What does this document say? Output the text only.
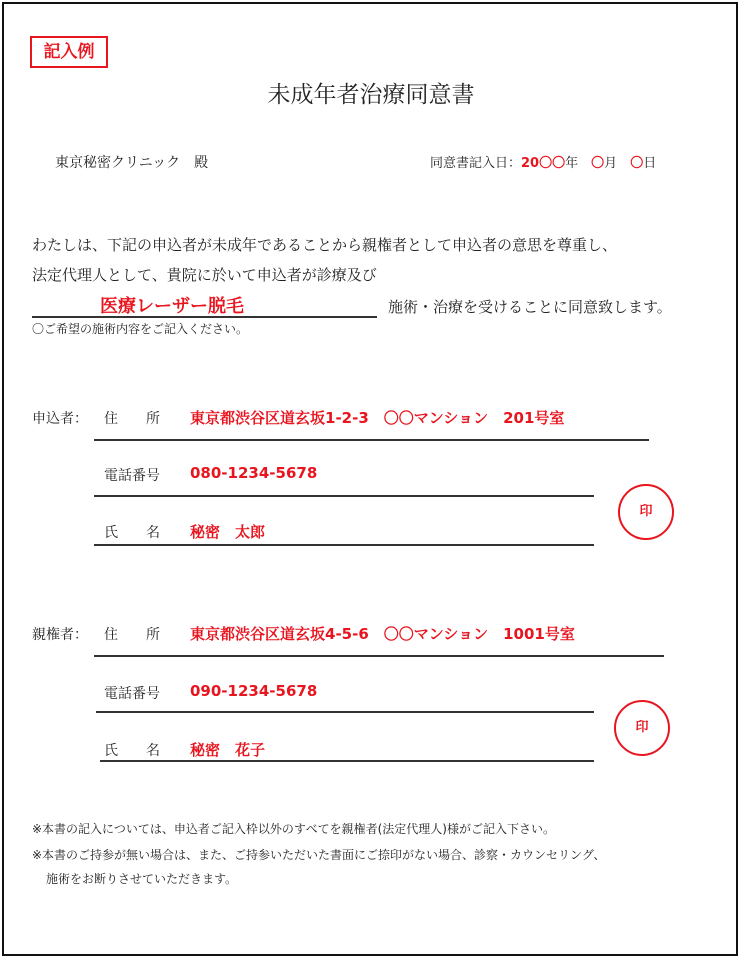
記入例
未成年者治療同意書
東京秘密クリニック　殿	同意書記入日：20〇〇年　 〇月　 〇日
わたしは、下記の申込者が未成年であることから親権者として申込者の意思を尊重し、
法定代理人として、貴院に於いて申込者が診療及び
医療レーザー脱毛	施術・治療を受けることに同意致します。
〇ご希望の施術内容をご記入ください。
申込者： 住　　所 東京都渋谷区道玄坂1-2-3　〇〇マンション　201号室
電話番号 080-1234-5678
氏　　名 秘密　太郎
印
親権者： 住　　所 東京都渋谷区道玄坂4-5-6　〇〇マンション　1001号室
電話番号 090-1234-5678
氏　　名 秘密　花子
印
※本書の記入については、申込者ご記入枠以外のすべてを親権者(法定代理人)様がご記入下さい。
※本書のご持参が無い場合は、また、ご持参いただいた書面にご捺印がない場合、診察・カウンセリング、
施術をお断りさせていただきます。
